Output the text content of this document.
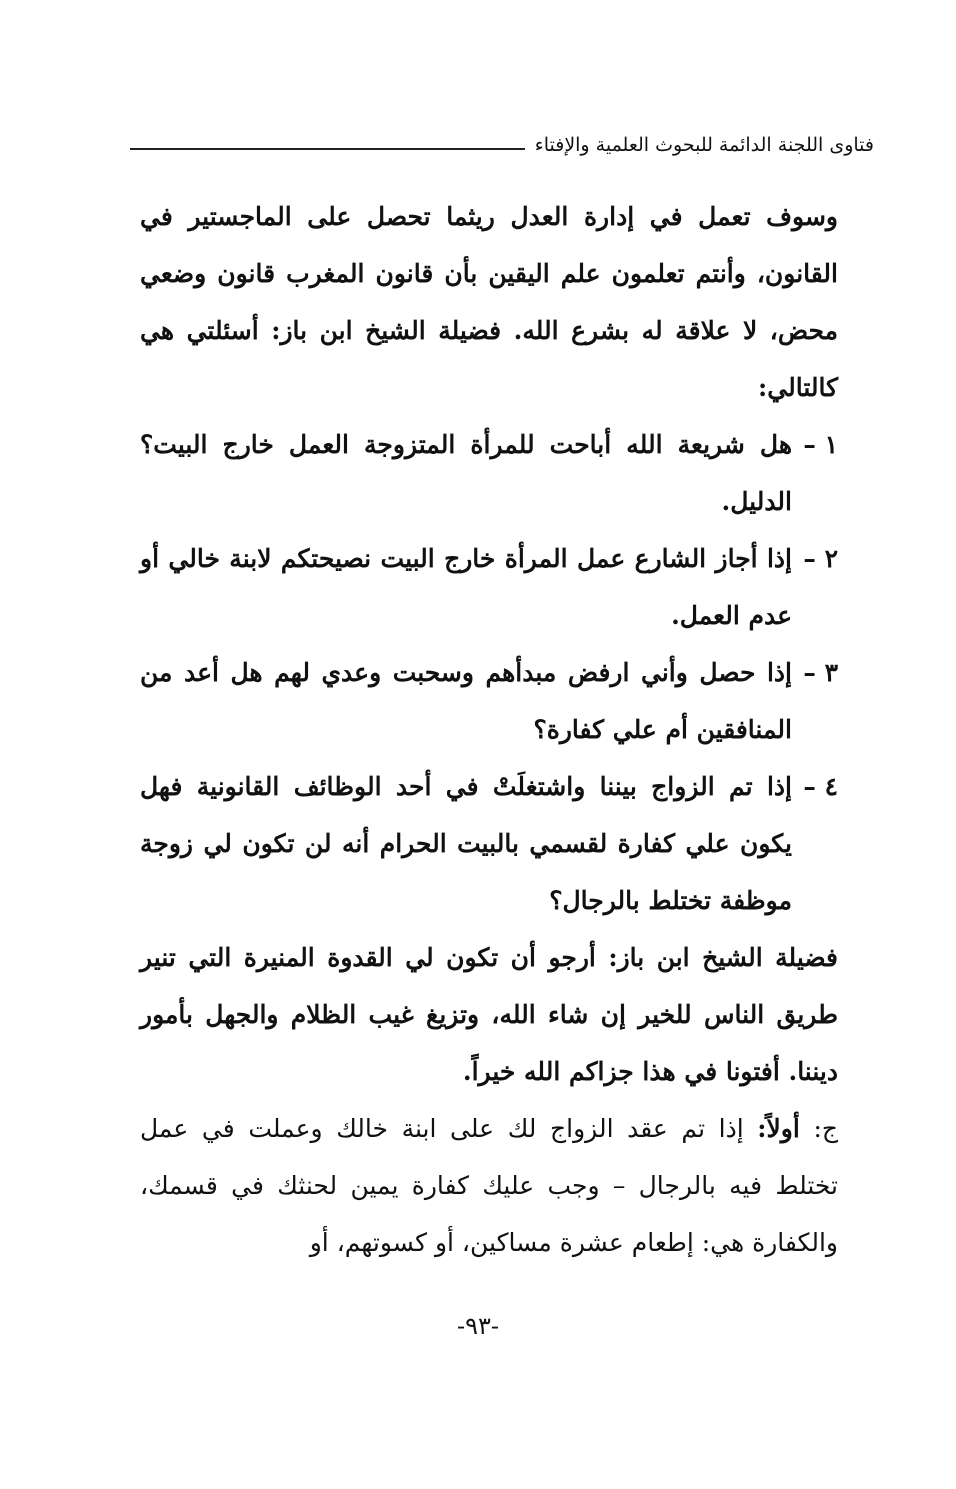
فتاوى اللجنة الدائمة للبحوث العلمية والإفتاء

وسوف تعمل في إدارة العدل ريثما تحصل على الماجستير في القانون، وأنتم تعلمون علم اليقين بأن قانون المغرب قانون وضعي محض، لا علاقة له بشرع الله. فضيلة الشيخ ابن باز: أسئلتي هي كالتالي:

١ –
هل شريعة الله أباحت للمرأة المتزوجة العمل خارج البيت؟ الدليل.
٢ –
إذا أجاز الشارع عمل المرأة خارج البيت نصيحتكم لابنة خالي أو عدم العمل.
٣ –
إذا حصل وأني ارفض مبدأهم وسحبت وعدي لهم هل أعد من المنافقين أم علي كفارة؟
٤ –
إذا تم الزواج بيننا واشتغلَتْ في أحد الوظائف القانونية فهل يكون علي كفارة لقسمي بالبيت الحرام أنه لن تكون لي زوجة موظفة تختلط بالرجال؟

فضيلة الشيخ ابن باز: أرجو أن تكون لي القدوة المنيرة التي تنير طريق الناس للخير إن شاء الله، وتزيغ غيب الظلام والجهل بأمور ديننا. أفتونا في هذا جزاكم الله خيراً.

ج: أولاً: إذا تم عقد الزواج لك على ابنة خالك وعملت في عمل تختلط فيه بالرجال – وجب عليك كفارة يمين لحنثك في قسمك، والكفارة هي: إطعام عشرة مساكين، أو كسوتهم، أو

-٩٣-
